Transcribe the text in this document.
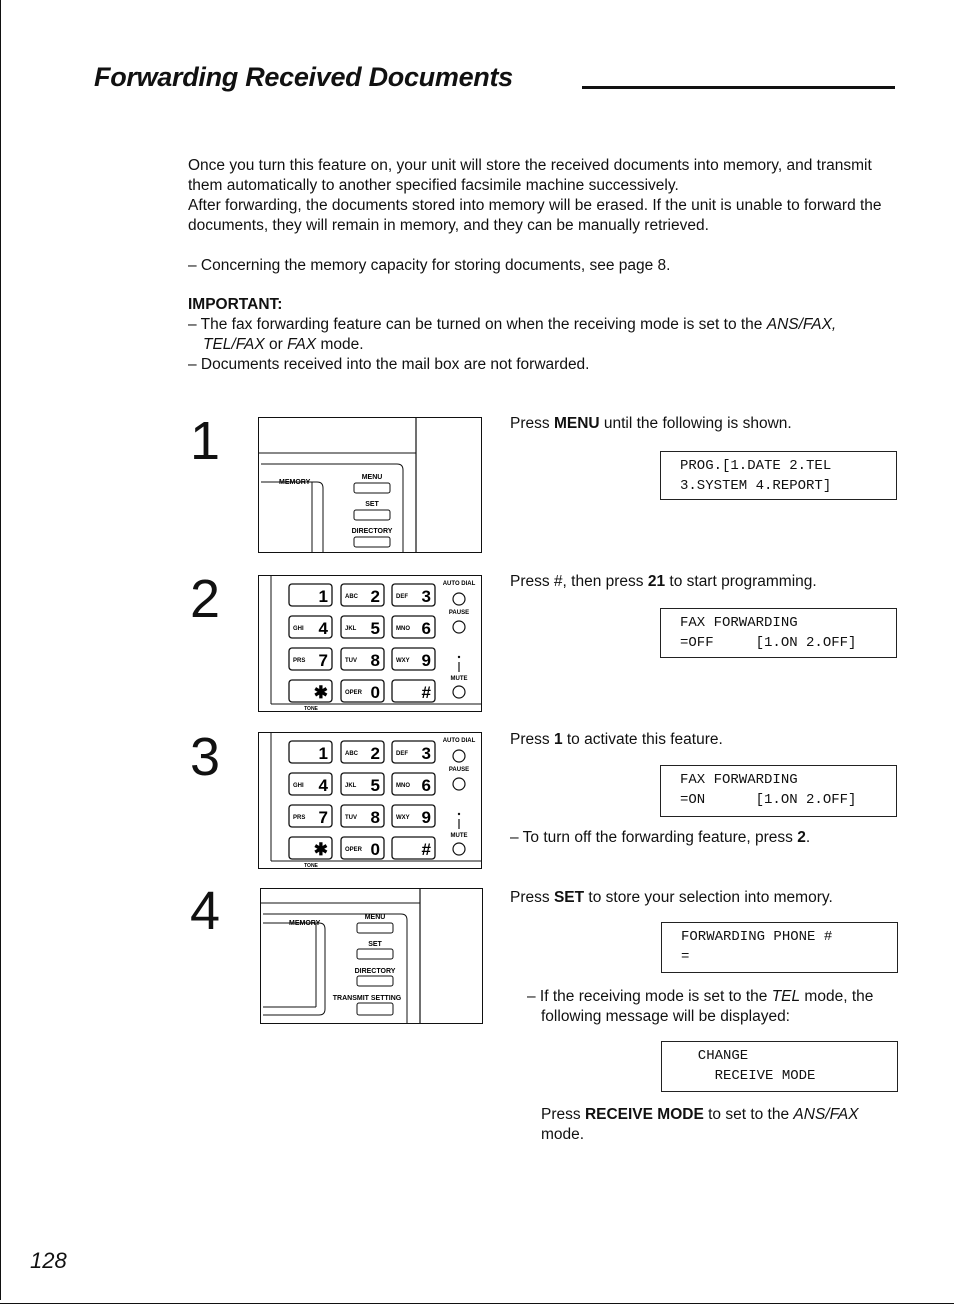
Forwarding Received Documents

Once you turn this feature on, your unit will store the received documents into memory, and transmit them automatically to another specified facsimile machine successively.

After forwarding, the documents stored into memory will be erased. If the unit is unable to forward the documents, they will remain in memory, and they can be manually retrieved.

– Concerning the memory capacity for storing documents, see page 8.

IMPORTANT:

– The fax forwarding feature can be turned on when the receiving mode is set to the ANS/FAX,
TEL/FAX or FAX mode.

– Documents received into the mail box are not forwarded.

1
2
3
4
MEMORY
MENU
SET
DIRECTORY
1	ABC 2	DEF 3
GHI 4	JKL 5	MNO 6
PRS 7	TUV 8	WXY 9
✱	OPER 0 #
AUTO DIAL
PAUSE
MUTE
TONE
1	ABC 2	DEF 3
GHI 4	JKL 5	MNO 6
PRS 7	TUV 8	WXY 9
✱	OPER 0 #
AUTO DIAL
PAUSE
MUTE
TONE
MEMORY
MENU
SET
DIRECTORY
TRANSMIT SETTING
Press MENU until the following is shown.
PROG.[1.DATE 2.TEL
3.SYSTEM 4.REPORT]
Press #, then press 21 to start programming.
FAX FORWARDING
=OFF     [1.ON 2.OFF]
Press 1 to activate this feature.
FAX FORWARDING
=ON      [1.ON 2.OFF]
– To turn off the forwarding feature, press 2.
Press SET to store your selection into memory.
FORWARDING PHONE #
=
– If the receiving mode is set to the TEL mode, the
following message will be displayed:
CHANGE
RECEIVE MODE
Press RECEIVE MODE to set to the ANS/FAX
mode.
128
